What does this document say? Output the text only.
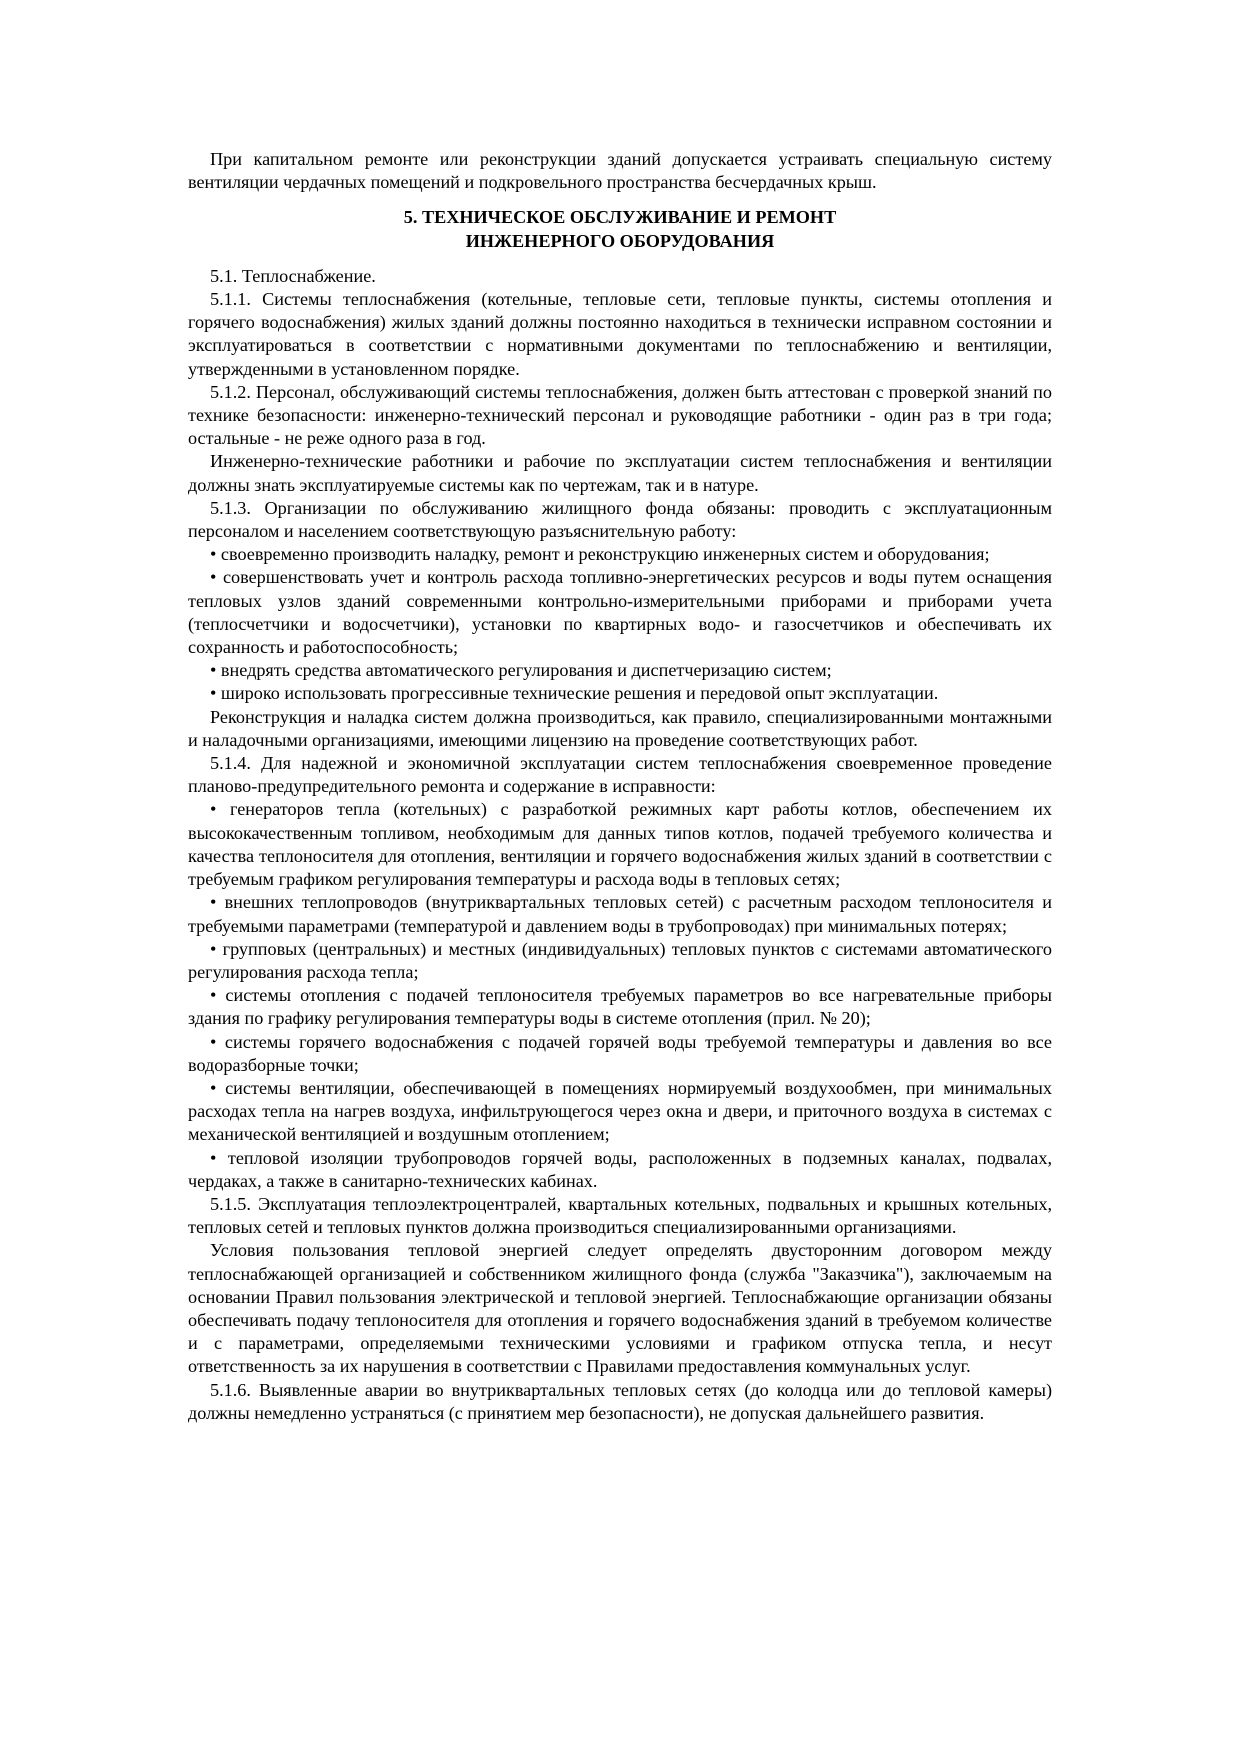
При капитальном ремонте или реконструкции зданий допускается устраивать специальную систему вентиляции чердачных помещений и подкровельного пространства бесчердачных крыш.

5. ТЕХНИЧЕСКОЕ ОБСЛУЖИВАНИЕ И РЕМОНТ
ИНЖЕНЕРНОГО ОБОРУДОВАНИЯ

5.1. Теплоснабжение.

5.1.1. Системы теплоснабжения (котельные, тепловые сети, тепловые пункты, системы отопления и горячего водоснабжения) жилых зданий должны постоянно находиться в технически исправном состоянии и эксплуатироваться в соответствии с нормативными документами по теплоснабжению и вентиляции, утвержденными в установленном порядке.

5.1.2. Персонал, обслуживающий системы теплоснабжения, должен быть аттестован с проверкой знаний по технике безопасности: инженерно-технический персонал и руководящие работники - один раз в три года; остальные - не реже одного раза в год.

Инженерно-технические работники и рабочие по эксплуатации систем теплоснабжения и вентиляции должны знать эксплуатируемые системы как по чертежам, так и в натуре.

5.1.3. Организации по обслуживанию жилищного фонда обязаны: проводить с эксплуатационным персоналом и населением соответствующую разъяснительную работу:

• своевременно производить наладку, ремонт и реконструкцию инженерных систем и оборудования;

• совершенствовать учет и контроль расхода топливно-энергетических ресурсов и воды путем оснащения тепловых узлов зданий современными контрольно-измерительными приборами и приборами учета (теплосчетчики и водосчетчики), установки по квартирных водо- и газосчетчиков и обеспечивать их сохранность и работоспособность;

• внедрять средства автоматического регулирования и диспетчеризацию систем;

• широко использовать прогрессивные технические решения и передовой опыт эксплуатации.

Реконструкция и наладка систем должна производиться, как правило, специализированными монтажными и наладочными организациями, имеющими лицензию на проведение соответствующих работ.

5.1.4. Для надежной и экономичной эксплуатации систем теплоснабжения своевременное проведение планово-предупредительного ремонта и содержание в исправности:

• генераторов тепла (котельных) с разработкой режимных карт работы котлов, обеспечением их высококачественным топливом, необходимым для данных типов котлов, подачей требуемого количества и качества теплоносителя для отопления, вентиляции и горячего водоснабжения жилых зданий в соответствии с требуемым графиком регулирования температуры и расхода воды в тепловых сетях;

• внешних теплопроводов (внутриквартальных тепловых сетей) с расчетным расходом теплоносителя и требуемыми параметрами (температурой и давлением воды в трубопроводах) при минимальных потерях;

• групповых (центральных) и местных (индивидуальных) тепловых пунктов с системами автоматического регулирования расхода тепла;

• системы отопления с подачей теплоносителя требуемых параметров во все нагревательные приборы здания по графику регулирования температуры воды в системе отопления (прил. № 20);

• системы горячего водоснабжения с подачей горячей воды требуемой температуры и давления во все водоразборные точки;

• системы вентиляции, обеспечивающей в помещениях нормируемый воздухообмен, при минимальных расходах тепла на нагрев воздуха, инфильтрующегося через окна и двери, и приточного воздуха в системах с механической вентиляцией и воздушным отоплением;

• тепловой изоляции трубопроводов горячей воды, расположенных в подземных каналах, подвалах, чердаках, а также в санитарно-технических кабинах.

5.1.5. Эксплуатация теплоэлектроцентралей, квартальных котельных, подвальных и крышных котельных, тепловых сетей и тепловых пунктов должна производиться специализированными организациями.

Условия пользования тепловой энергией следует определять двусторонним договором между теплоснабжающей организацией и собственником жилищного фонда (служба "Заказчика"), заключаемым на основании Правил пользования электрической и тепловой энергией. Теплоснабжающие организации обязаны обеспечивать подачу теплоносителя для отопления и горячего водоснабжения зданий в требуемом количестве и с параметрами, определяемыми техническими условиями и графиком отпуска тепла, и несут ответственность за их нарушения в соответствии с Правилами предоставления коммунальных услуг.

5.1.6. Выявленные аварии во внутриквартальных тепловых сетях (до колодца или до тепловой камеры) должны немедленно устраняться (с принятием мер безопасности), не допуская дальнейшего развития.
